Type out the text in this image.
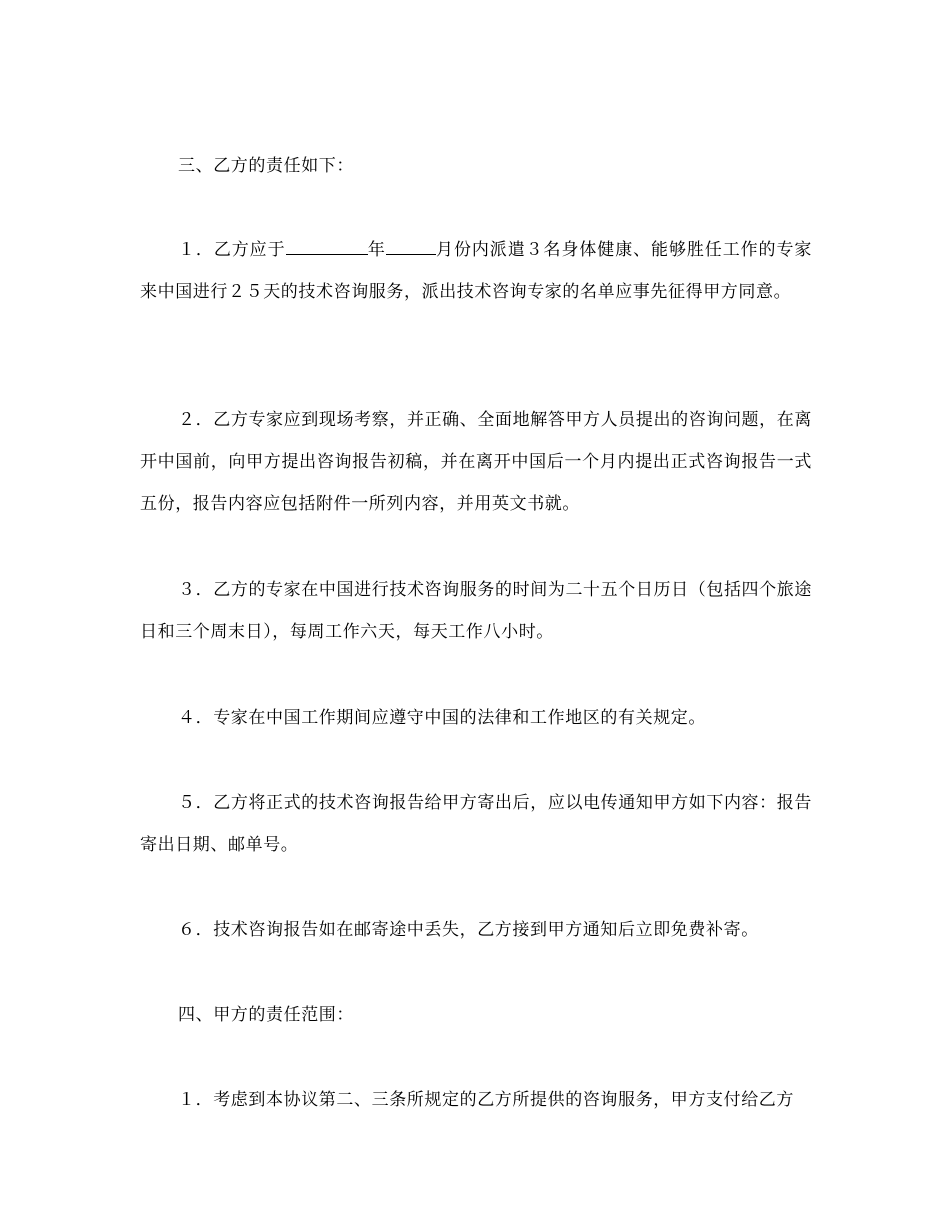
三、乙方的责任如下：
１．乙方应于	年	月份内派遣３名身体健康、能够胜任工作的专家来中国进行２５天的技术咨询服务，派出技术咨询专家的名单应事先征得甲方同意。
２．乙方专家应到现场考察，并正确、全面地解答甲方人员提出的咨询问题，在离开中国前，向甲方提出咨询报告初稿，并在离开中国后一个月内提出正式咨询报告一式五份，报告内容应包括附件一所列内容，并用英文书就。
３．乙方的专家在中国进行技术咨询服务的时间为二十五个日历日（包括四个旅途日和三个周末日），每周工作六天，每天工作八小时。
４．专家在中国工作期间应遵守中国的法律和工作地区的有关规定。
５．乙方将正式的技术咨询报告给甲方寄出后，应以电传通知甲方如下内容：报告寄出日期、邮单号。
６．技术咨询报告如在邮寄途中丢失，乙方接到甲方通知后立即免费补寄。
四、甲方的责任范围：
１．考虑到本协议第二、三条所规定的乙方所提供的咨询服务，甲方支付给乙方
